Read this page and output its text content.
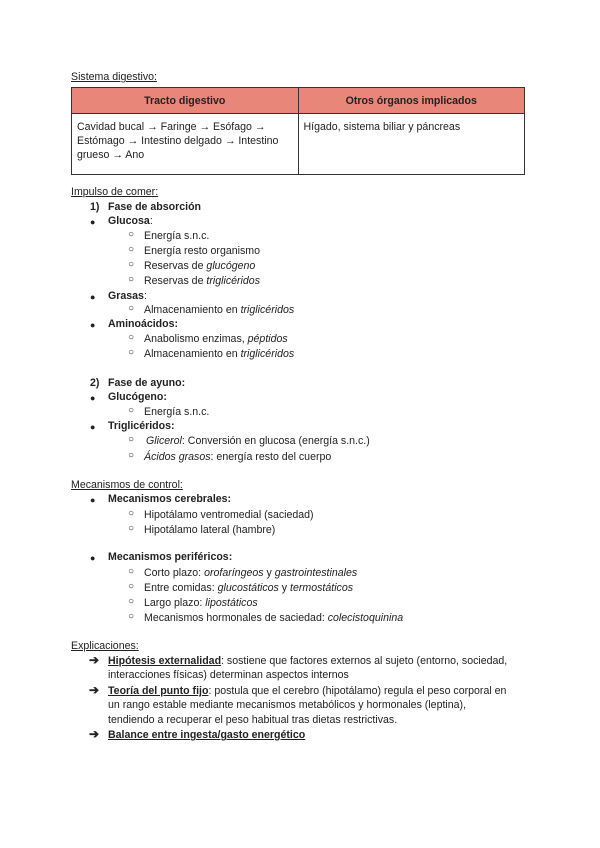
Sistema digestivo:
Tracto digestivo	Otros órganos implicados

Cavidad bucal → Faringe → Esófago →
Estómago → Intestino delgado → Intestino
grueso → Ano	Hígado, sistema biliar y páncreas
Impulso de comer:
1) Fase de absorción
● Glucosa:
○ Energía s.n.c.
○ Energía resto organismo
○ Reservas de glucógeno
○ Reservas de triglicéridos
● Grasas:
○ Almacenamiento en triglicéridos
● Aminoácidos:
○ Anabolismo enzimas, péptidos
○ Almacenamiento en triglicéridos
2) Fase de ayuno:
● Glucógeno:
○ Energía s.n.c.
● Triglicéridos:
○ Glicerol: Conversión en glucosa (energía s.n.c.)
○ Ácidos grasos: energía resto del cuerpo
Mecanismos de control:
● Mecanismos cerebrales:
○ Hipotálamo ventromedial (saciedad)
○ Hipotálamo lateral (hambre)
● Mecanismos periféricos:
○ Corto plazo: orofaríngeos y gastrointestinales
○ Entre comidas: glucostáticos y termostáticos
○ Largo plazo: lipostáticos
○ Mecanismos hormonales de saciedad: colecistoquinina
Explicaciones:
➔ Hipótesis externalidad: sostiene que factores externos al sujeto (entorno, sociedad,
interacciones físicas) determinan aspectos internos
➔ Teoría del punto fijo: postula que el cerebro (hipotálamo) regula el peso corporal en
un rango estable mediante mecanismos metabólicos y hormonales (leptina),
tendiendo a recuperar el peso habitual tras dietas restrictivas.
➔ Balance entre ingesta/gasto energético
